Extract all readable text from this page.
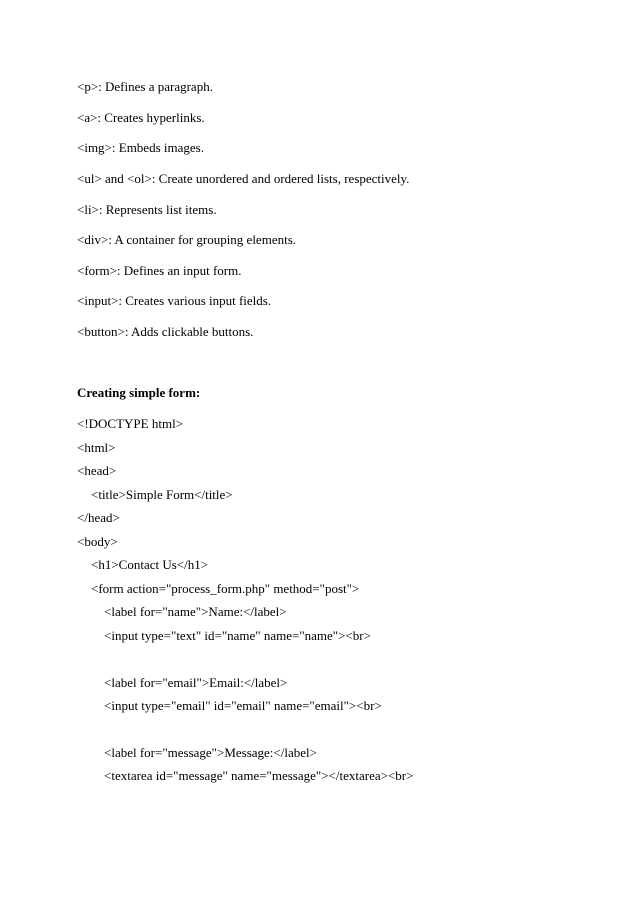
<p>: Defines a paragraph.
<a>: Creates hyperlinks.
<img>: Embeds images.
<ul> and <ol>: Create unordered and ordered lists, respectively.
<li>: Represents list items.
<div>: A container for grouping elements.
<form>: Defines an input form.
<input>: Creates various input fields.
<button>: Adds clickable buttons.
Creating simple form:
<!DOCTYPE html>
<html>
<head>
<title>Simple Form</title>
</head>
<body>
<h1>Contact Us</h1>
<form action="process_form.php" method="post">
<label for="name">Name:</label>
<input type="text" id="name" name="name"><br>
<label for="email">Email:</label>
<input type="email" id="email" name="email"><br>
<label for="message">Message:</label>
<textarea id="message" name="message"></textarea><br>
